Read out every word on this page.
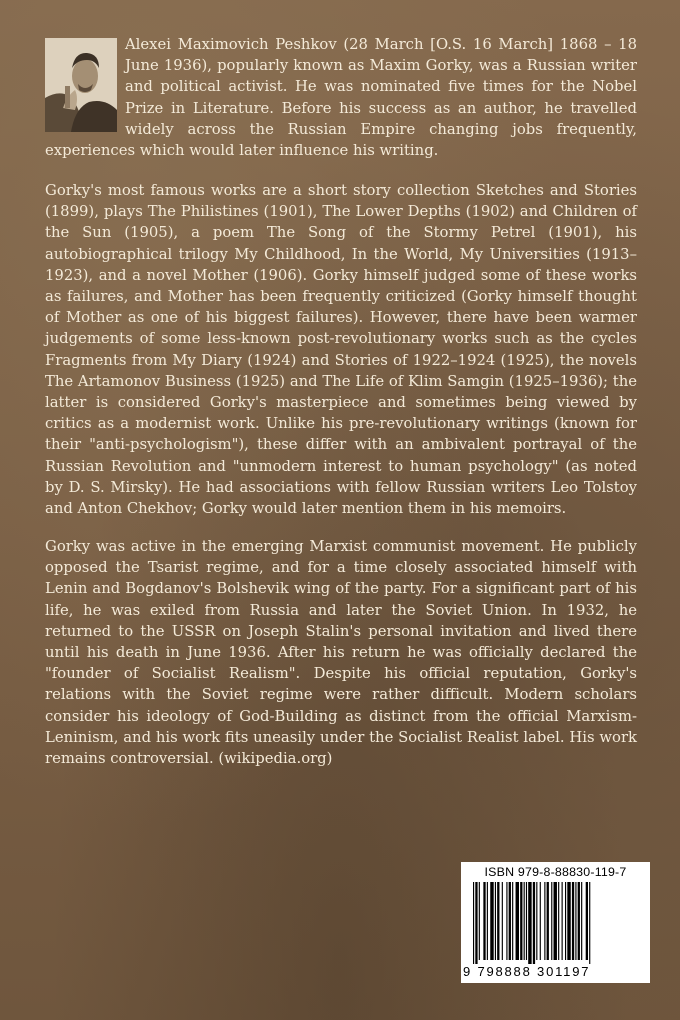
Alexei Maximovich Peshkov (28 March [O.S. 16 March] 1868 – 18 June 1936), popularly known as Maxim Gorky, was a Russian writer and political activist. He was nominated five times for the Nobel Prize in Literature. Before his success as an author, he travelled widely across the Russian Empire changing jobs frequently, experiences which would later influence his writing.
Gorky's most famous works are a short story collection Sketches and Stories (1899), plays The Philistines (1901), The Lower Depths (1902) and Children of the Sun (1905), a poem The Song of the Stormy Petrel (1901), his autobiographical trilogy My Childhood, In the World, My Universities (1913–1923), and a novel Mother (1906). Gorky himself judged some of these works as failures, and Mother has been frequently criticized (Gorky himself thought of Mother as one of his biggest failures). However, there have been warmer judgements of some less-known post-revolutionary works such as the cycles Fragments from My Diary (1924) and Stories of 1922–1924 (1925), the novels The Artamonov Business (1925) and The Life of Klim Samgin (1925–1936); the latter is considered Gorky's masterpiece and sometimes being viewed by critics as a modernist work. Unlike his pre-revolutionary writings (known for their "anti-psychologism"), these differ with an ambivalent portrayal of the Russian Revolution and "unmodern interest to human psychology" (as noted by D. S. Mirsky). He had associations with fellow Russian writers Leo Tolstoy and Anton Chekhov; Gorky would later mention them in his memoirs.
Gorky was active in the emerging Marxist communist movement. He publicly opposed the Tsarist regime, and for a time closely associated himself with Lenin and Bogdanov's Bolshevik wing of the party. For a significant part of his life, he was exiled from Russia and later the Soviet Union. In 1932, he returned to the USSR on Joseph Stalin's personal invitation and lived there until his death in June 1936. After his return he was officially declared the "founder of Socialist Realism". Despite his official reputation, Gorky's relations with the Soviet regime were rather difficult. Modern scholars consider his ideology of God-Building as distinct from the official Marxism-Leninism, and his work fits uneasily under the Socialist Realist label. His work remains controversial. (wikipedia.org)
ISBN 979-8-88830-119-7
9 798888 301197
